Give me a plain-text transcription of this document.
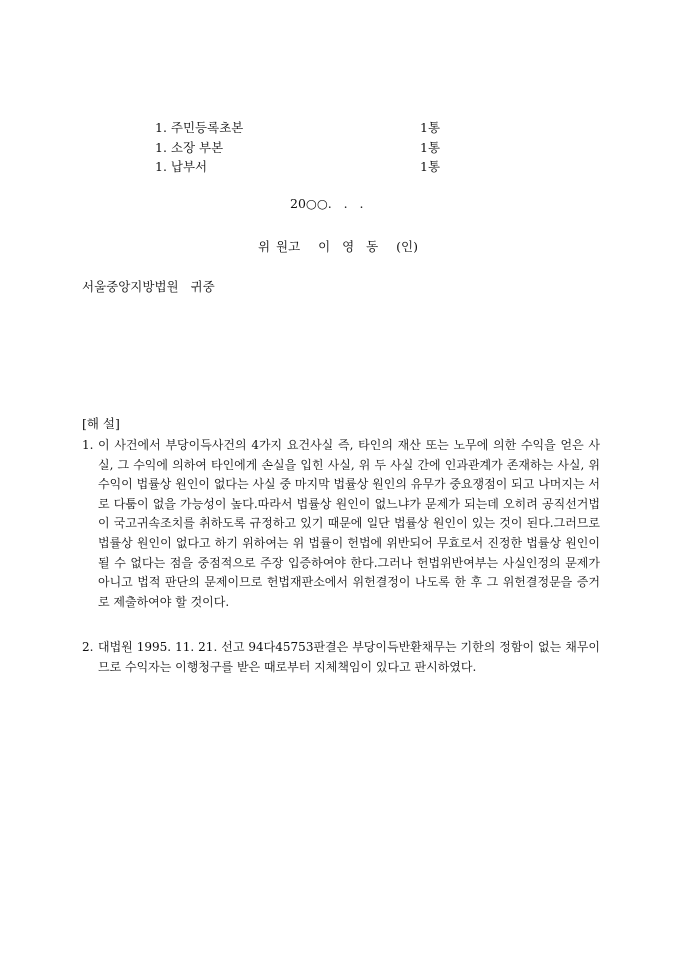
1. 주민등록초본	1통
1. 소장 부본	1통
1. 납부서	1통
20○○.   .   .
위 원고   이  영  동   (인)
서울중앙지방법원   귀중
[해 설]
1. 이 사건에서 부당이득사건의 4가지 요건사실 즉, 타인의 재산 또는 노무에 의한 수익을 얻은 사실, 그 수익에 의하여 타인에게 손실을 입힌 사실, 위 두 사실 간에 인과관계가 존재하는 사실, 위 수익이 법률상 원인이 없다는 사실 중 마지막 법률상 원인의 유무가 중요쟁점이 되고 나머지는 서로 다툼이 없을 가능성이 높다.따라서 법률상 원인이 없느냐가 문제가 되는데 오히려 공직선거법이 국고귀속조치를 취하도록 규정하고 있기 때문에 일단 법률상 원인이 있는 것이 된다.그러므로 법률상 원인이 없다고 하기 위하여는 위 법률이 헌법에 위반되어 무효로서 진정한 법률상 원인이 될 수 없다는 점을 중점적으로 주장 입증하여야 한다.그러나 헌법위반여부는 사실인정의 문제가 아니고 법적 판단의 문제이므로 헌법재판소에서 위헌결정이 나도록 한 후 그 위헌결정문을 증거로 제출하여야 할 것이다.
2. 대법원 1995. 11. 21. 선고 94다45753판결은 부당이득반환채무는 기한의 정함이 없는 채무이므로 수익자는 이행청구를 받은 때로부터 지체책임이 있다고 판시하였다.
